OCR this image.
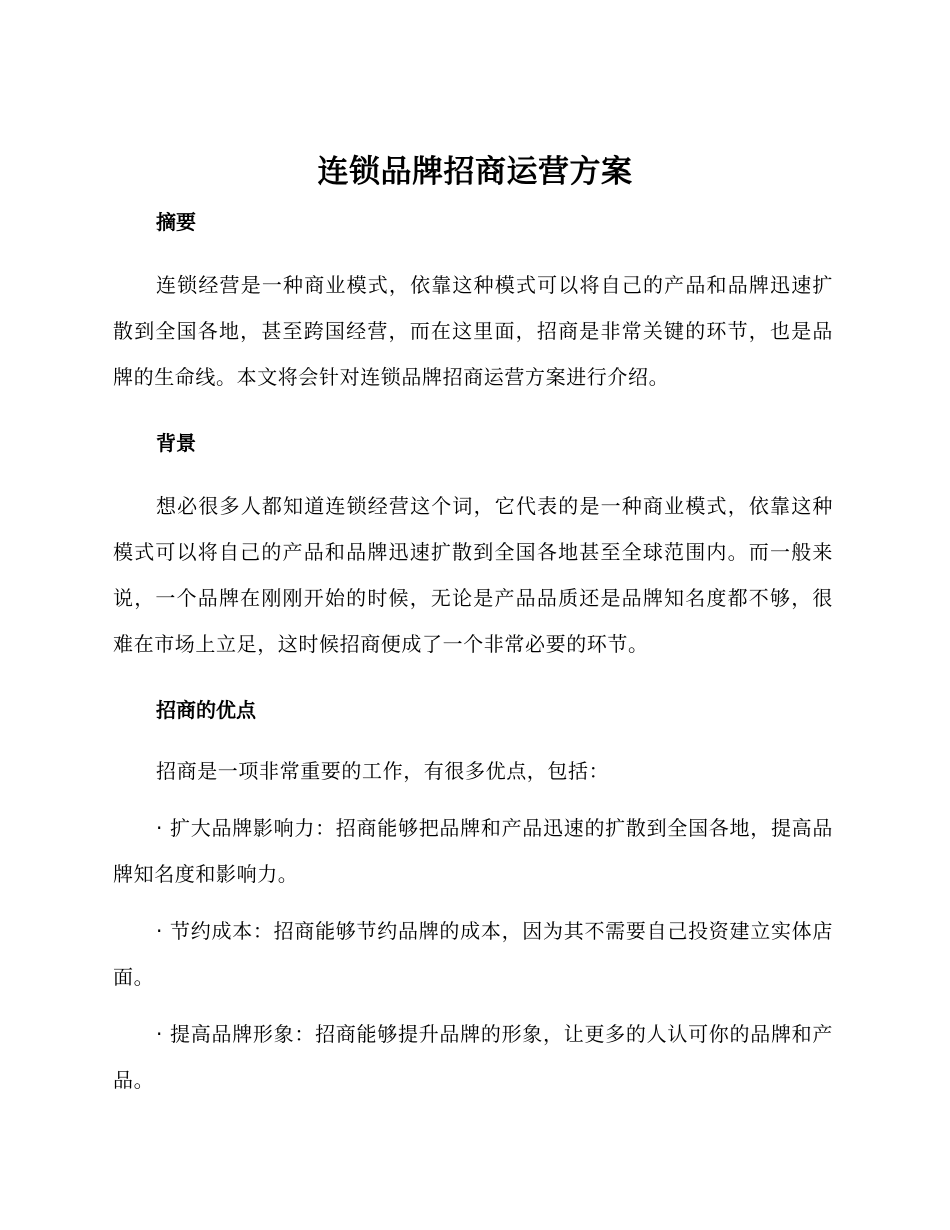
连锁品牌招商运营方案
摘要

连锁经营是一种商业模式，依靠这种模式可以将自己的产品和品牌迅速扩散到全国各地，甚至跨国经营，而在这里面，招商是非常关键的环节，也是品牌的生命线。本文将会针对连锁品牌招商运营方案进行介绍。

背景

想必很多人都知道连锁经营这个词，它代表的是一种商业模式，依靠这种模式可以将自己的产品和品牌迅速扩散到全国各地甚至全球范围内。而一般来说，一个品牌在刚刚开始的时候，无论是产品品质还是品牌知名度都不够，很难在市场上立足，这时候招商便成了一个非常必要的环节。

招商的优点

招商是一项非常重要的工作，有很多优点，包括：

· 扩大品牌影响力：招商能够把品牌和产品迅速的扩散到全国各地，提高品牌知名度和影响力。

· 节约成本：招商能够节约品牌的成本，因为其不需要自己投资建立实体店面。

· 提高品牌形象：招商能够提升品牌的形象，让更多的人认可你的品牌和产品。
